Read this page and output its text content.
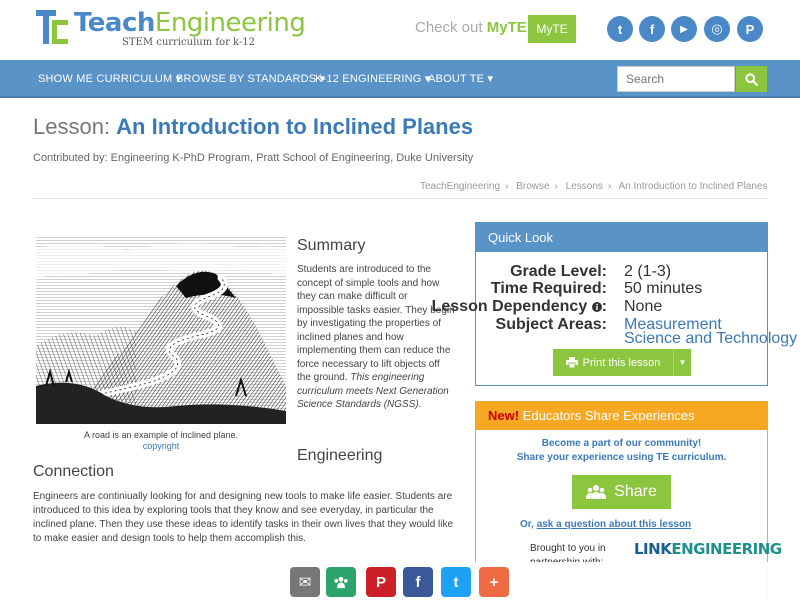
TeachEngineering
STEM curriculum for k-12
Check out MyTE MyTE	t f	▶ ◎ P
SHOW ME CURRICULUM ▾
BROWSE BY STANDARDS ▾
K-12 ENGINEERING ▾
ABOUT TE ▾
Search
Lesson: An Introduction to Inclined Planes
Contributed by: Engineering K-PhD Program, Pratt School of Engineering, Duke University
TeachEngineering › Browse › Lessons › An Introduction to Inclined Planes
A road is an example of inclined plane.
copyright
Summary
Students are introduced to the concept of simple tools and how they can make difficult or impossible tasks easier. They begin by investigating the properties of inclined planes and how implementing them can reduce the force necessary to lift objects off the ground. This engineering curriculum meets Next Generation Science Standards (NGSS).
Engineering
Connection
Engineers are continiually looking for and designing new tools to make life easier. Students are introduced to this idea by exploring tools that they know and see everyday, in particular the inclined plane. Then they use these ideas to identify tasks in their own lives that they would like to make easier and design tools to help them accomplish this.
Quick Look
Grade Level: 2 (1-3)
Time Required: 50 minutes
Lesson Dependency : None
Subject Areas: Measurement
Science and Technology
Print this lesson	▼
New! Educators Share Experiences
Become a part of our community!
Share your experience using TE curriculum.
Share
Or, ask a question about this lesson
Brought to you in LINKENGINEERING
✉	P f t +
